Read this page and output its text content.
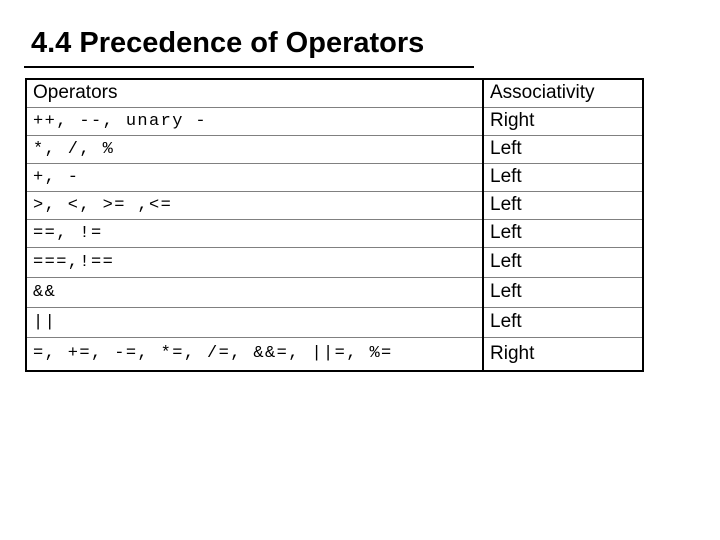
4.4 Precedence of Operators
Operators	Associativity
++, --, unary -	Right
*, /, %	Left
+, -	Left
>, <, >= ,<=	Left
==, !=	Left
===,!==	Left
&&	Left
||	Left
=, +=, -=, *=, /=, &&=, ||=, %=	Right
